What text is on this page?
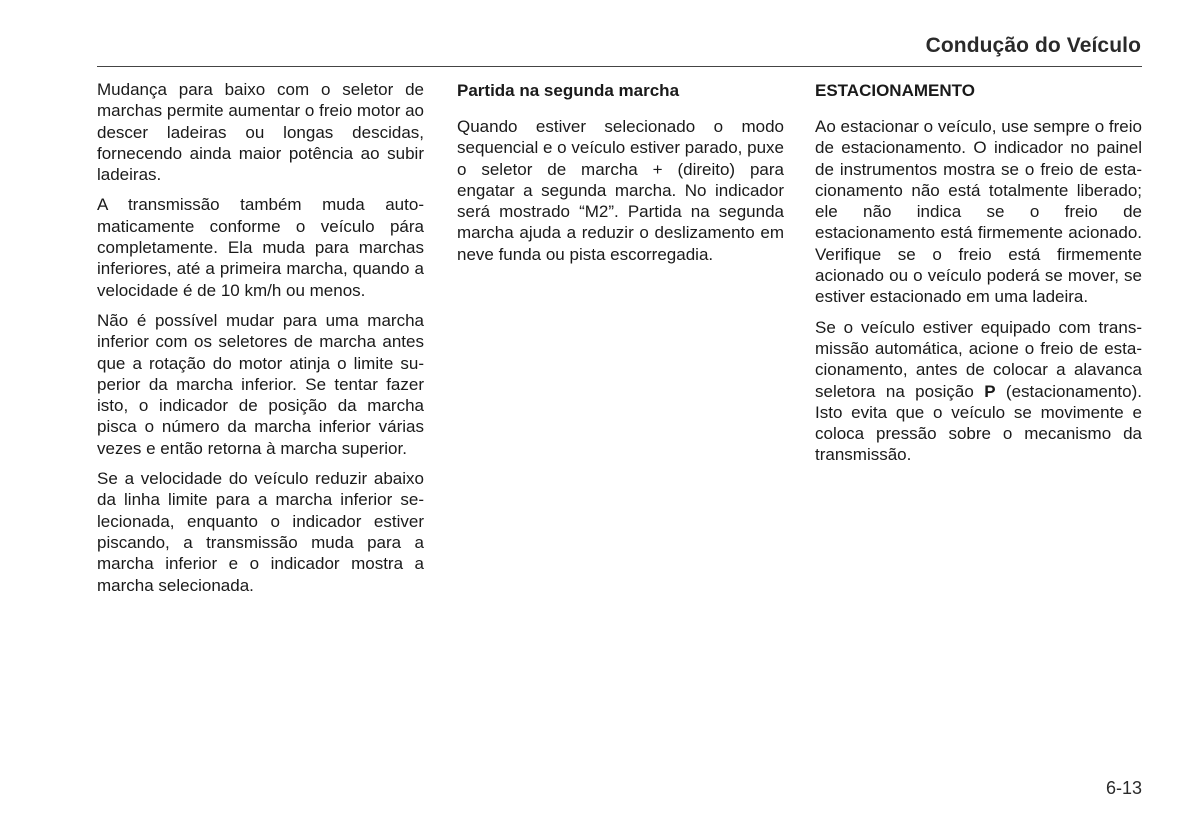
Condução do Veículo

Mudança para baixo com o seletor de marchas permite aumentar o freio motor ao descer ladeiras ou longas descidas, fornecendo ainda maior potência ao subir ladeiras.

A transmissão também muda automaticamente conforme o veículo pára completamente. Ela muda para marchas inferiores, até a primeira marcha, quando a velocidade é de 10 km/h ou menos.

Não é possível mudar para uma marcha inferior com os seletores de marcha antes que a rotação do motor atinja o limite superior da marcha inferior. Se tentar fazer isto, o indicador de posição da marcha pisca o número da marcha inferior várias vezes e então retorna à marcha superior.

Se a velocidade do veículo reduzir abaixo da linha limite para a marcha inferior selecionada, enquanto o indicador estiver piscando, a transmissão muda para a marcha inferior e o indicador mostra a marcha selecionada.

Partida na segunda marcha

Quando estiver selecionado o modo sequencial e o veículo estiver parado, puxe o seletor de marcha + (direito) para engatar a segunda marcha. No indicador será mostrado “M2”. Partida na segunda marcha ajuda a reduzir o deslizamento em neve funda ou pista escorregadia.

ESTACIONAMENTO

Ao estacionar o veículo, use sempre o freio de estacionamento. O indicador no painel de instrumentos mostra se o freio de estacionamento não está totalmente liberado; ele não indica se o freio de estacionamento está firmemente acionado. Verifique se o freio está firmemente acionado ou o veículo poderá se mover, se estiver estacionado em uma ladeira.

Se o veículo estiver equipado com transmissão automática, acione o freio de estacionamento, antes de colocar a alavanca seletora na posição P (estacionamento). Isto evita que o veículo se movimente e coloca pressão sobre o mecanismo da transmissão.

6-13
